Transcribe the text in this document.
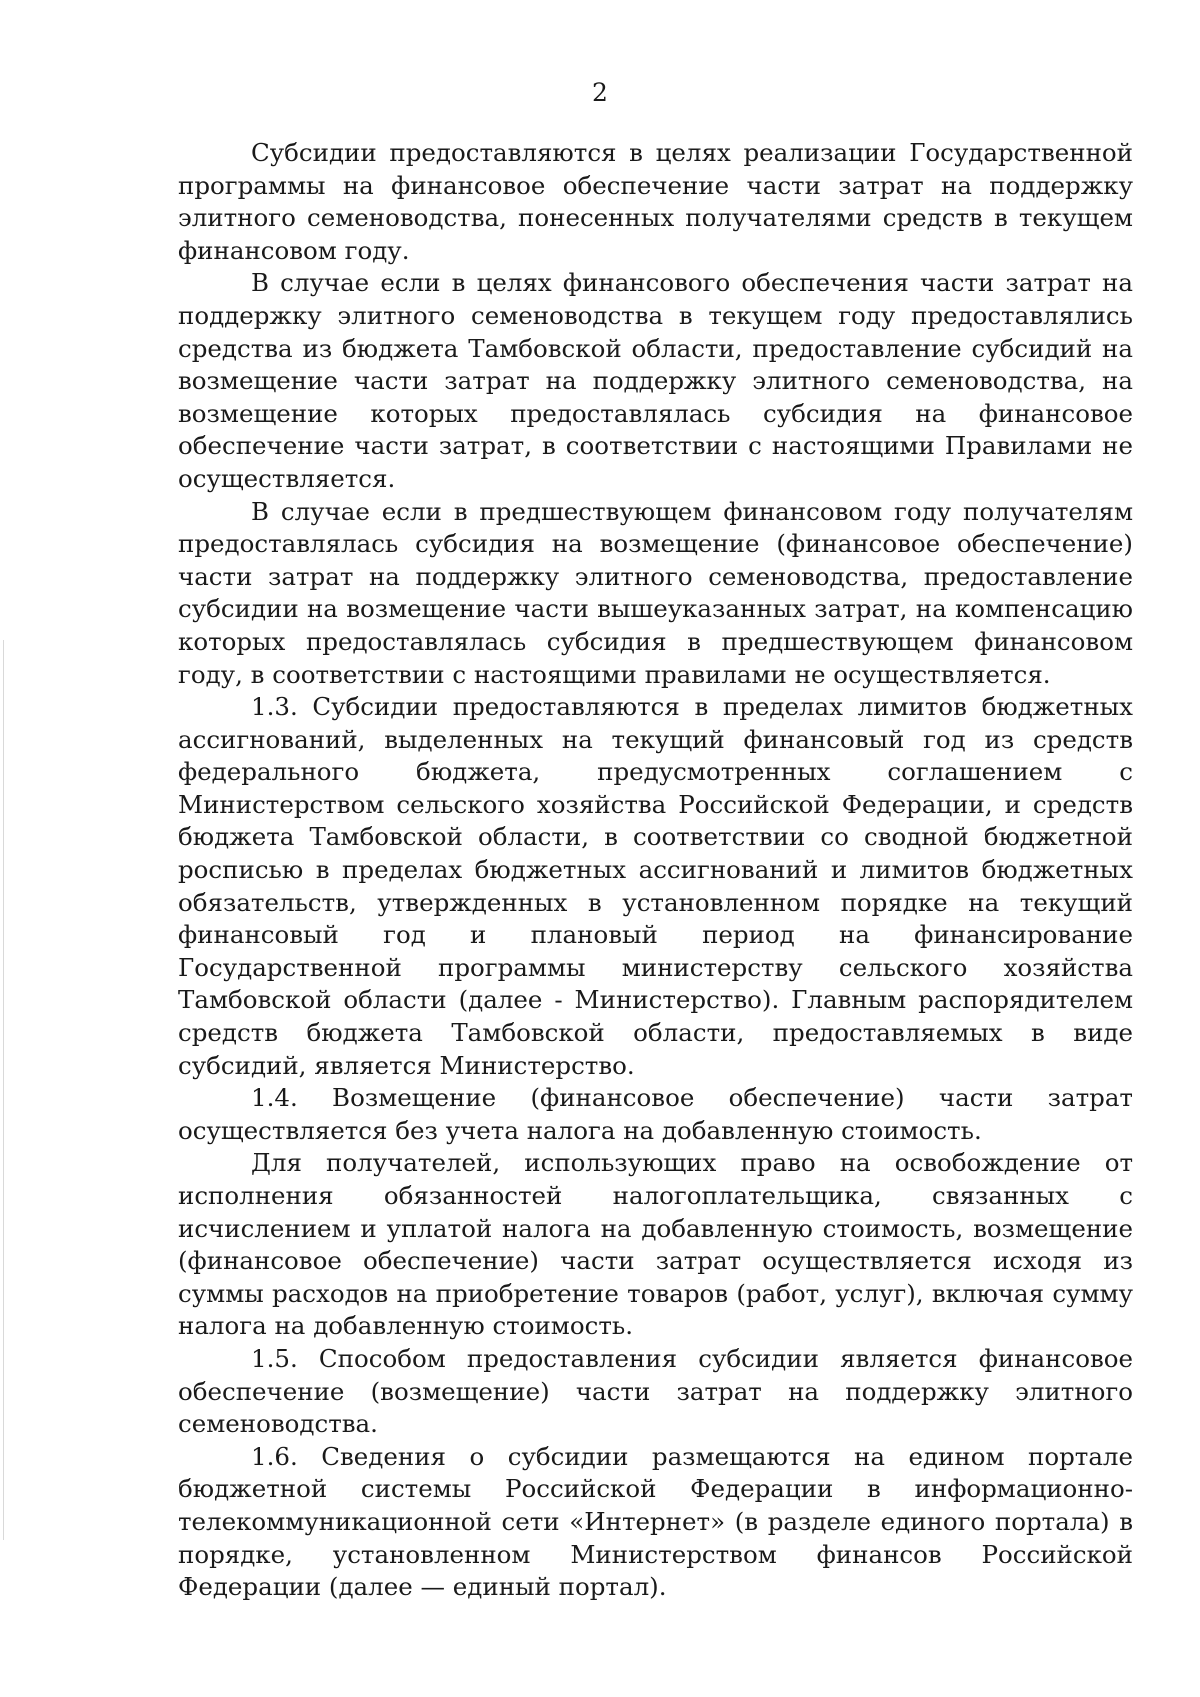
2

Субсидии предоставляются в целях реализации Государственной программы на финансовое обеспечение части затрат на поддержку элитного семеноводства, понесенных получателями средств в текущем финансовом году.

В случае если в целях финансового обеспечения части затрат на поддержку элитного семеноводства в текущем году предоставлялись средства из бюджета Тамбовской области, предоставление субсидий на возмещение части затрат на поддержку элитного семеноводства, на возмещение которых предоставлялась субсидия на финансовое обеспечение части затрат, в соответствии с настоящими Правилами не осуществляется.

В случае если в предшествующем финансовом году получателям предоставлялась субсидия на возмещение (финансовое обеспечение) части затрат на поддержку элитного семеноводства, предоставление субсидии на возмещение части вышеуказанных затрат, на компенсацию которых предоставлялась субсидия в предшествующем финансовом году, в соответствии с настоящими правилами не осуществляется.

1.3. Субсидии предоставляются в пределах лимитов бюджетных ассигнований, выделенных на текущий финансовый год из средств федерального бюджета, предусмотренных соглашением с Министерством сельского хозяйства Российской Федерации, и средств бюджета Тамбовской области, в соответствии со сводной бюджетной росписью в пределах бюджетных ассигнований и лимитов бюджетных обязательств, утвержденных в установленном порядке на текущий финансовый год и плановый период на финансирование Государственной программы министерству сельского хозяйства Тамбовской области (далее - Министерство). Главным распорядителем средств бюджета Тамбовской области, предоставляемых в виде субсидий, является Министерство.

1.4. Возмещение (финансовое обеспечение) части затрат осуществляется без учета налога на добавленную стоимость.

Для получателей, использующих право на освобождение от исполнения обязанностей налогоплательщика, связанных с исчислением и уплатой налога на добавленную стоимость, возмещение (финансовое обеспечение) части затрат осуществляется исходя из суммы расходов на приобретение товаров (работ, услуг), включая сумму налога на добавленную стоимость.

1.5. Способом предоставления субсидии является финансовое обеспечение (возмещение) части затрат на поддержку элитного семеноводства.

1.6. Сведения о субсидии размещаются на едином портале бюджетной системы Российской Федерации в информационно-телекоммуникационной сети «Интернет» (в разделе единого портала) в порядке, установленном Министерством финансов Российской Федерации (далее — единый портал).
